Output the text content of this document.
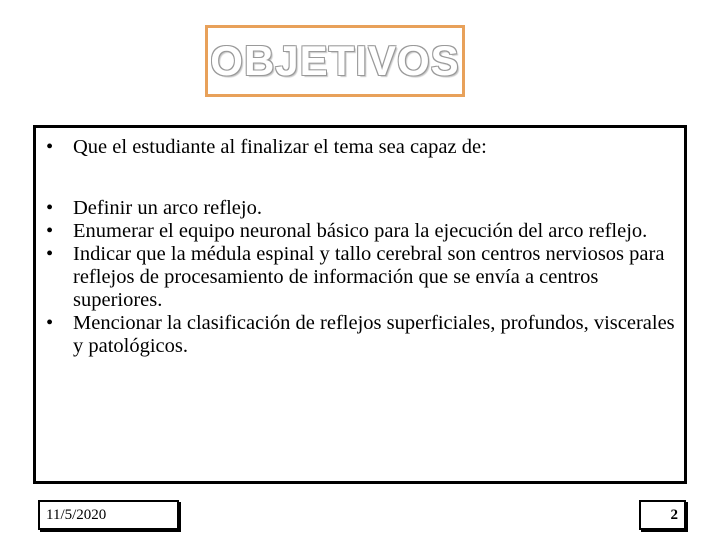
OBJETIVOS
• Que el estudiante al finalizar el tema sea capaz de:
• Definir un arco reflejo.
• Enumerar el equipo neuronal básico para la ejecución del arco reflejo.
• Indicar que la médula espinal y tallo cerebral son centros nerviosos para reflejos de procesamiento de información que se envía a centros superiores.
• Mencionar la clasificación de reflejos superficiales, profundos, viscerales y patológicos.
11/5/2020	2
